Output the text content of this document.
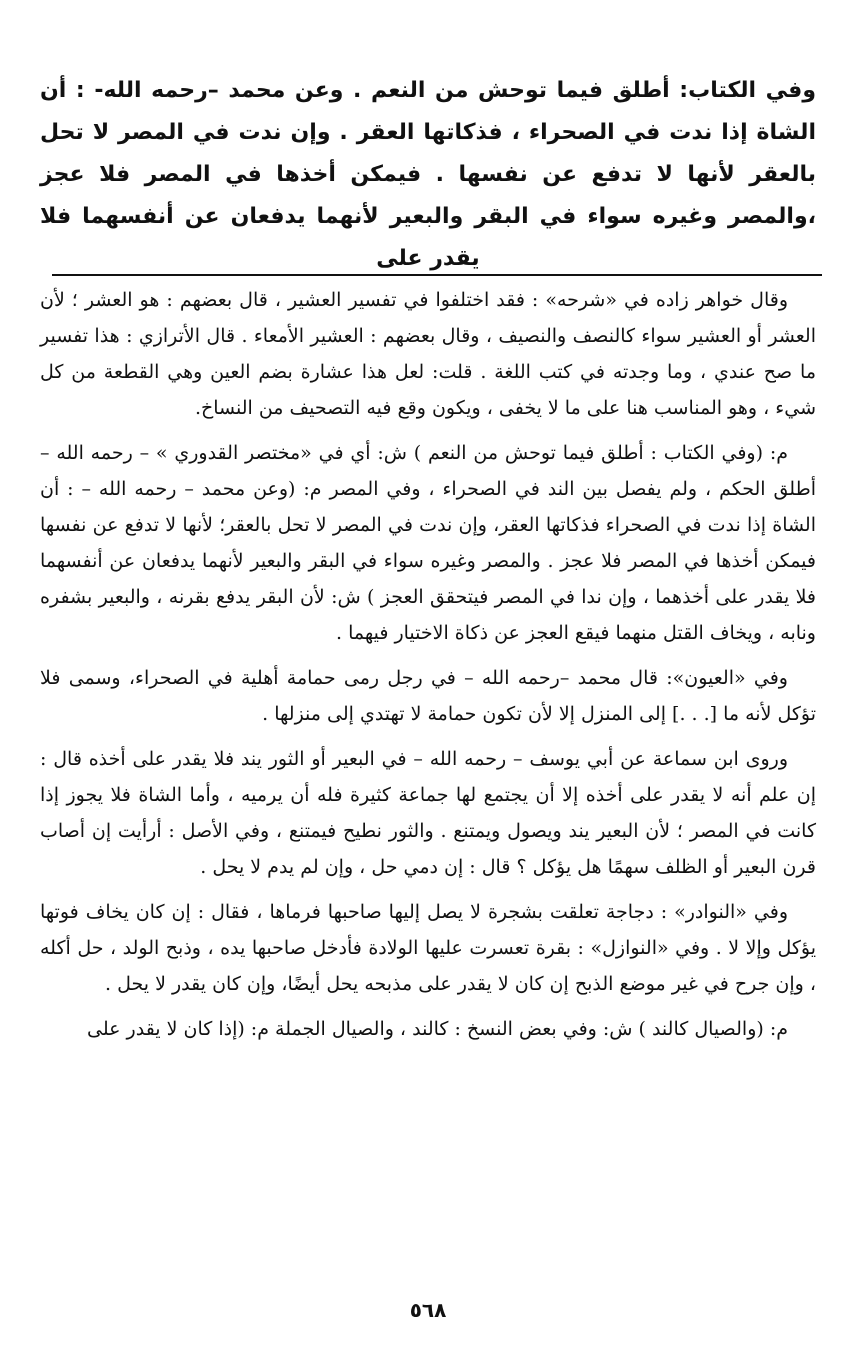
وفي الكتاب: أطلق فيما توحش من النعم . وعن محمد –رحمه الله- : أن الشاة إذا ندت في الصحراء ، فذكاتها العقر . وإن ندت في المصر لا تحل بالعقر لأنها لا تدفع عن نفسها . فيمكن أخذها في المصر فلا عجز ،والمصر وغيره سواء في البقر والبعير لأنهما يدفعان عن أنفسهما فلا يقدر على

وقال خواهر زاده في «شرحه» : فقد اختلفوا في تفسير العشير ، قال بعضهم : هو العشر ؛ لأن العشر أو العشير سواء كالنصف والنصيف ، وقال بعضهم : العشير الأمعاء . قال الأترازي : هذا تفسير ما صح عندي ، وما وجدته في كتب اللغة . قلت: لعل هذا عشارة بضم العين وهي القطعة من كل شيء ، وهو المناسب هنا على ما لا يخفى ، ويكون وقع فيه التصحيف من النساخ.

م: (وفي الكتاب : أطلق فيما توحش من النعم ) ش: أي في «مختصر القدوري » – رحمه الله – أطلق الحكم ، ولم يفصل بين الند في الصحراء ، وفي المصر م: (وعن محمد – رحمه الله – : أن الشاة إذا ندت في الصحراء فذكاتها العقر، وإن ندت في المصر لا تحل بالعقر؛ لأنها لا تدفع عن نفسها فيمكن أخذها في المصر فلا عجز . والمصر وغيره سواء في البقر والبعير لأنهما يدفعان عن أنفسهما فلا يقدر على أخذهما ، وإن ندا في المصر فيتحقق العجز ) ش: لأن البقر يدفع بقرنه ، والبعير بشفره ونابه ، ويخاف القتل منهما فيقع العجز عن ذكاة الاختيار فيهما .

وفي «العيون»: قال محمد –رحمه الله – في رجل رمى حمامة أهلية في الصحراء، وسمى فلا تؤكل لأنه ما [. . .] إلى المنزل إلا لأن تكون حمامة لا تهتدي إلى منزلها .

وروى ابن سماعة عن أبي يوسف – رحمه الله – في البعير أو الثور يند فلا يقدر على أخذه قال : إن علم أنه لا يقدر على أخذه إلا أن يجتمع لها جماعة كثيرة فله أن يرميه ، وأما الشاة فلا يجوز إذا كانت في المصر ؛ لأن البعير يند ويصول ويمتنع . والثور نطيح فيمتنع ، وفي الأصل : أرأيت إن أصاب قرن البعير أو الظلف سهمًا هل يؤكل ؟ قال : إن دمي حل ، وإن لم يدم لا يحل .

وفي «النوادر» : دجاجة تعلقت بشجرة لا يصل إليها صاحبها فرماها ، فقال : إن كان يخاف فوتها يؤكل وإلا لا . وفي «النوازل» : بقرة تعسرت عليها الولادة فأدخل صاحبها يده ، وذبح الولد ، حل أكله ، وإن جرح في غير موضع الذبح إن كان لا يقدر على مذبحه يحل أيضًا، وإن كان يقدر لا يحل .

م: (والصيال كالند ) ش: وفي بعض النسخ : كالند ، والصيال الجملة م: (إذا كان لا يقدر على

٥٦٨
